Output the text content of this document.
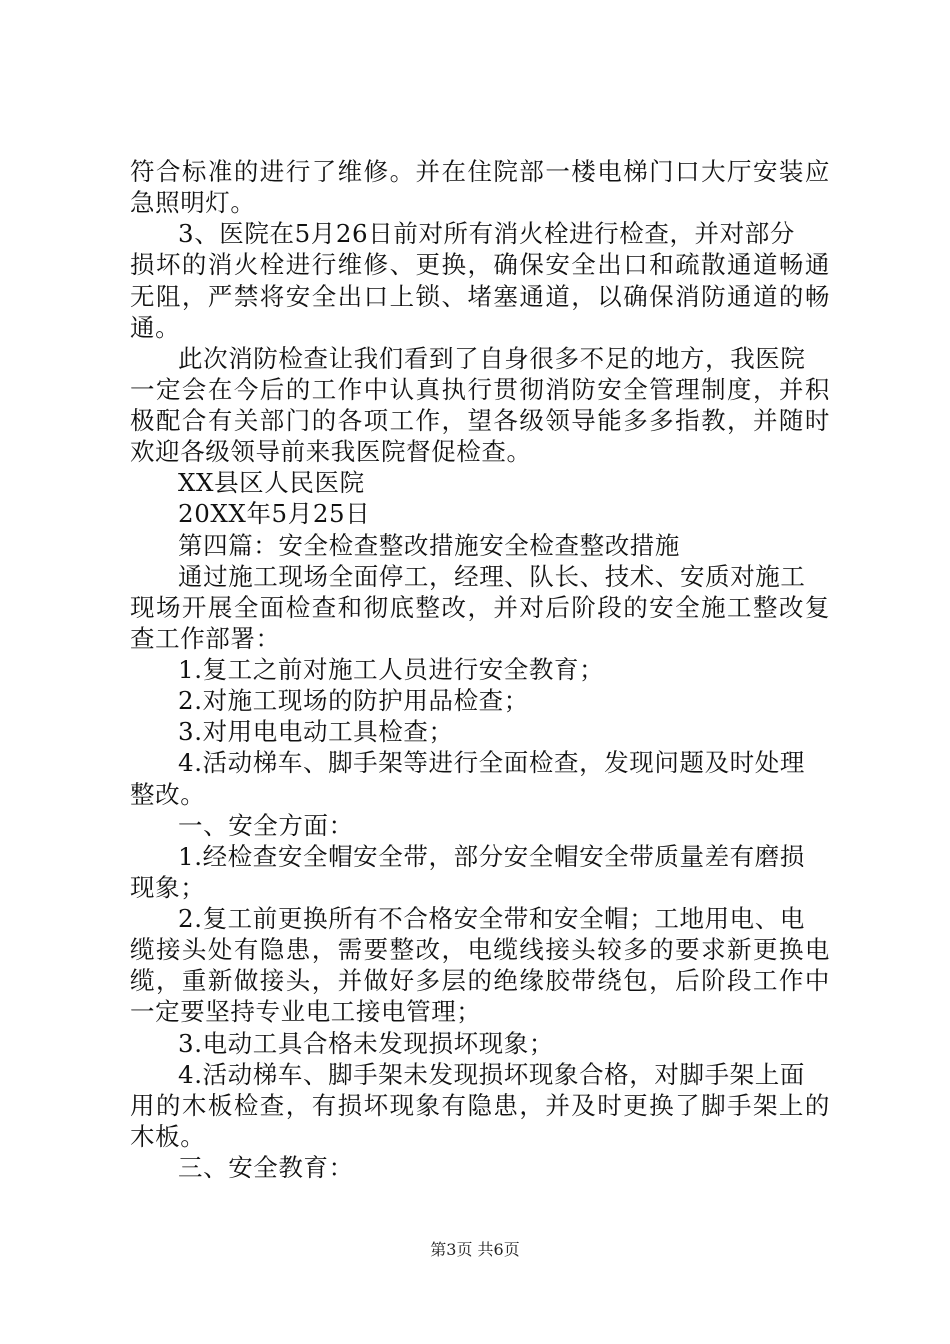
符合标准的进行了维修。并在住院部一楼电梯门口大厅安装应
急照明灯。
3、医院在5月26日前对所有消火栓进行检查，并对部分
损坏的消火栓进行维修、更换，确保安全出口和疏散通道畅通
无阻，严禁将安全出口上锁、堵塞通道，以确保消防通道的畅
通。
此次消防检查让我们看到了自身很多不足的地方，我医院
一定会在今后的工作中认真执行贯彻消防安全管理制度，并积
极配合有关部门的各项工作，望各级领导能多多指教，并随时
欢迎各级领导前来我医院督促检查。
XX县区人民医院
20XX年5月25日
第四篇：安全检查整改措施安全检查整改措施
通过施工现场全面停工，经理、队长、技术、安质对施工
现场开展全面检查和彻底整改，并对后阶段的安全施工整改复
查工作部署：
1.复工之前对施工人员进行安全教育；
2.对施工现场的防护用品检查；
3.对用电电动工具检查；
4.活动梯车、脚手架等进行全面检查，发现问题及时处理
整改。
一、安全方面：
1.经检查安全帽安全带，部分安全帽安全带质量差有磨损
现象；
2.复工前更换所有不合格安全带和安全帽；工地用电、电
缆接头处有隐患，需要整改，电缆线接头较多的要求新更换电
缆，重新做接头，并做好多层的绝缘胶带绕包，后阶段工作中
一定要坚持专业电工接电管理；
3.电动工具合格未发现损坏现象；
4.活动梯车、脚手架未发现损坏现象合格，对脚手架上面
用的木板检查，有损坏现象有隐患，并及时更换了脚手架上的
木板。
三、安全教育：
第3页 共6页
